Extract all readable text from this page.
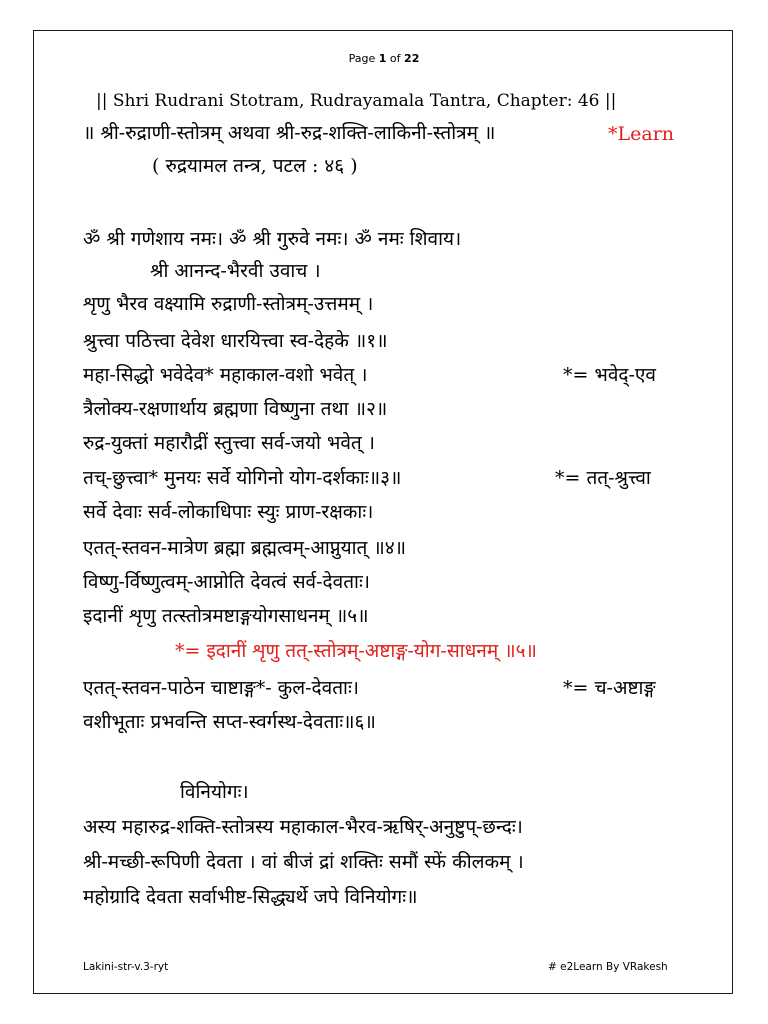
Page 1 of 22
|| Shri Rudrani Stotram, Rudrayamala Tantra, Chapter: 46 ||
॥ श्री-रुद्राणी-स्तोत्रम् अथवा श्री-रुद्र-शक्ति-लाकिनी-स्तोत्रम् ॥	*Learn
( रुद्रयामल तन्त्र, पटल : ४६ )
ॐ श्री गणेशाय नमः। ॐ श्री गुरुवे नमः। ॐ नमः शिवाय।
श्री आनन्द-भैरवी उवाच ।
शृणु भैरव वक्ष्यामि रुद्राणी-स्तोत्रम्-उत्तमम् ।
श्रुत्त्वा पठित्त्वा देवेश धारयित्त्वा स्व-देहके ॥१॥
महा-सिद्धो भवेदेव* महाकाल-वशो भवेत् ।	*= भवेद्-एव
त्रैलोक्य-रक्षणार्थाय ब्रह्मणा विष्णुना तथा ॥२॥
रुद्र-युक्तां महारौद्रीं स्तुत्त्वा सर्व-जयो भवेत् ।
तच्-छुत्त्वा* मुनयः सर्वे योगिनो योग-दर्शकाः॥३॥	*= तत्-श्रुत्त्वा
सर्वे देवाः सर्व-लोकाधिपाः स्युः प्राण-रक्षकाः।
एतत्-स्तवन-मात्रेण ब्रह्मा ब्रह्मत्वम्-आप्नुयात् ॥४॥
विष्णु-र्विष्णुत्वम्-आप्नोति देवत्वं सर्व-देवताः।
इदानीं शृणु तत्स्तोत्रमष्टाङ्गयोगसाधनम् ॥५॥
*= इदानीं शृणु तत्-स्तोत्रम्-अष्टाङ्ग-योग-साधनम् ॥५॥
एतत्-स्तवन-पाठेन चाष्टाङ्ग*- कुल-देवताः।	*= च-अष्टाङ्ग
वशीभूताः प्रभवन्ति सप्त-स्वर्गस्थ-देवताः॥६॥
विनियोगः।
अस्य महारुद्र-शक्ति-स्तोत्रस्य महाकाल-भैरव-ऋषिर्-अनुष्टुप्-छन्दः।
श्री-मच्छी-रूपिणी देवता । वां बीजं द्रां शक्तिः समौं स्फें कीलकम् ।
महोग्रादि देवता सर्वाभीष्ट-सिद्ध्यर्थे जपे विनियोगः॥
Lakini-str-v.3-ryt	# e2Learn By VRakesh
